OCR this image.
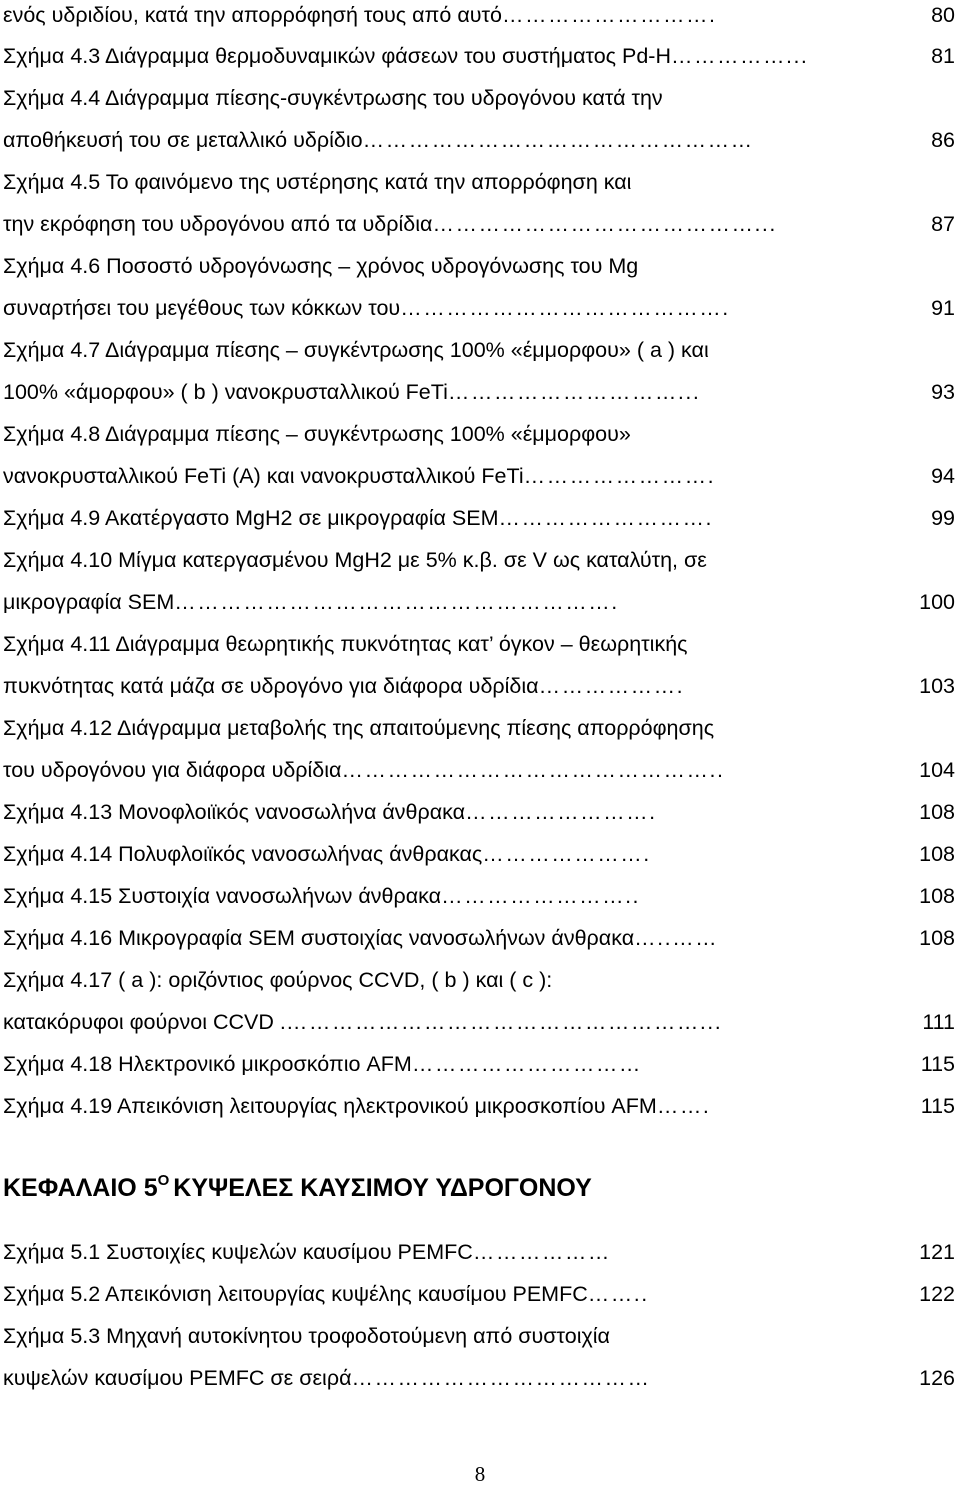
ενός υδριδίου, κατά την απορρόφησή τους από αυτό ……………………….	80
Σχήμα 4.3 Διάγραμμα θερμοδυναμικών φάσεων του συστήματος Pd-H ……………...	81
Σχήμα 4.4 Διάγραμμα πίεσης-συγκέντρωσης του υδρογόνου κατά την
αποθήκευσή του σε μεταλλικό υδρίδιο ……………………………………………	86
Σχήμα 4.5 Το φαινόμενο της υστέρησης κατά την απορρόφηση και
την εκρόφηση του υδρογόνου από τα υδρίδια ……………………………………...	87
Σχήμα 4.6 Ποσοστό υδρογόνωσης – χρόνος υδρογόνωσης του Mg
συναρτήσει του μεγέθους των κόκκων του …………………………………….	91
Σχήμα 4.7 Διάγραμμα πίεσης – συγκέντρωσης 100% «έμμορφου» ( a ) και
100% «άμορφου» ( b ) νανοκρυσταλλικού FeTi …………………………...	93
Σχήμα 4.8 Διάγραμμα πίεσης – συγκέντρωσης 100% «έμμορφου»
νανοκρυσταλλικού FeTi (A) και νανοκρυσταλλικού FeTi …………………….	94
Σχήμα 4.9 Ακατέργαστο MgH2 σε μικρογραφία SEM ……………………….	99
Σχήμα 4.10 Μίγμα κατεργασμένου MgH2 με 5% κ.β. σε V ως καταλύτη, σε
μικρογραφία SEM ………………………………………………….	100
Σχήμα 4.11 Διάγραμμα θεωρητικής πυκνότητας κατ’ όγκον – θεωρητικής
πυκνότητας κατά μάζα σε υδρογόνο για διάφορα υδρίδια ……………….	103
Σχήμα 4.12 Διάγραμμα μεταβολής της απαιτούμενης πίεσης απορρόφησης
του υδρογόνου για διάφορα υδρίδια …………………………………………..	104
Σχήμα 4.13 Μονοφλοιϊκός νανοσωλήνα άνθρακα …………………….	108
Σχήμα 4.14 Πολυφλοιϊκός νανοσωλήνας άνθρακας ………………….	108
Σχήμα 4.15 Συστοιχία νανοσωλήνων άνθρακα ……………………..	108
Σχήμα 4.16 Μικρογραφία SEM συστοιχίας νανοσωλήνων άνθρακα …..……	108
Σχήμα 4.17 ( a ): οριζόντιος φούρνος CCVD, ( b ) και ( c ):
κατακόρυφοι φούρνοι CCVD . ………………………………………………...	111
Σχήμα 4.18 Ηλεκτρονικό μικροσκόπιο AFM …………………………	115
Σχήμα 4.19 Απεικόνιση λειτουργίας ηλεκτρονικού μικροσκοπίου AFM …….	115
ΚΕΦΑΛΑΙΟ $5^O$ ΚΥΨΕΛΕΣ ΚΑΥΣΙΜΟΥ ΥΔΡΟΓΟΝΟΥ
Σχήμα 5.1 Συστοιχίες κυψελών καυσίμου PEMFC ………………	121
Σχήμα 5.2 Απεικόνιση λειτουργίας κυψέλης καυσίμου PEMFC ……..	122
Σχήμα 5.3 Μηχανή αυτοκίνητου τροφοδοτούμενη από συστοιχία
κυψελών καυσίμου PEMFC σε σειρά …………………………………	126
8
